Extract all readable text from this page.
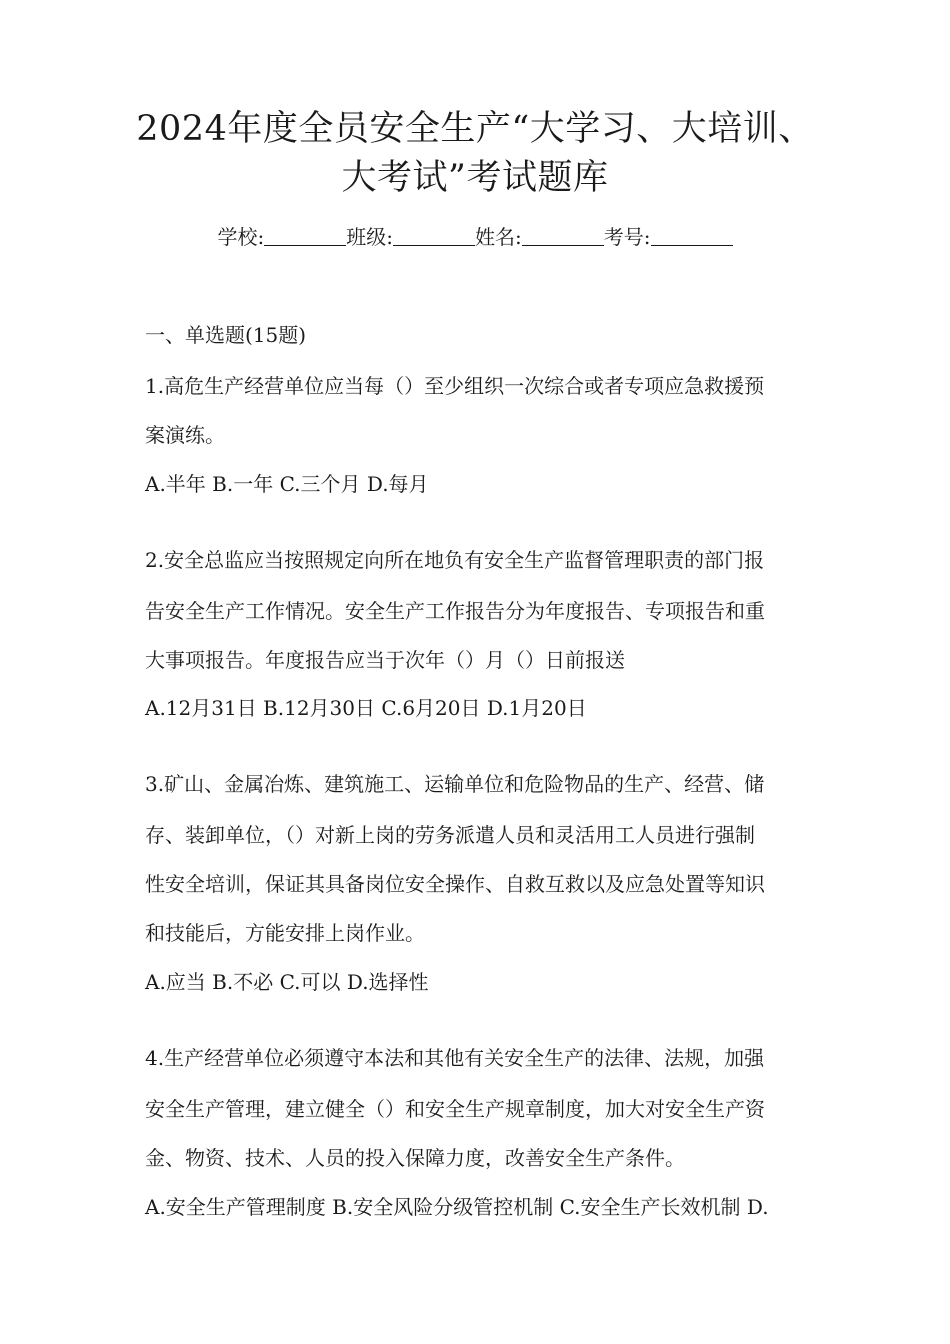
2024年度全员安全生产“大学习、大培训、
大考试”考试题库
学校:	班级:	姓名:	考号:
一、单选题(15题)
1.高危生产经营单位应当每（）至少组织一次综合或者专项应急救援预
案演练。
A.半年 B.一年 C.三个月 D.每月
2.安全总监应当按照规定向所在地负有安全生产监督管理职责的部门报
告安全生产工作情况。安全生产工作报告分为年度报告、专项报告和重
大事项报告。年度报告应当于次年（）月（）日前报送
A.12月31日 B.12月30日 C.6月20日 D.1月20日
3.矿山、金属冶炼、建筑施工、运输单位和危险物品的生产、经营、储
存、装卸单位，（）对新上岗的劳务派遣人员和灵活用工人员进行强制
性安全培训，保证其具备岗位安全操作、自救互救以及应急处置等知识
和技能后，方能安排上岗作业。
A.应当 B.不必 C.可以 D.选择性
4.生产经营单位必须遵守本法和其他有关安全生产的法律、法规，加强
安全生产管理，建立健全（）和安全生产规章制度，加大对安全生产资
金、物资、技术、人员的投入保障力度，改善安全生产条件。
A.安全生产管理制度 B.安全风险分级管控机制 C.安全生产长效机制 D.
